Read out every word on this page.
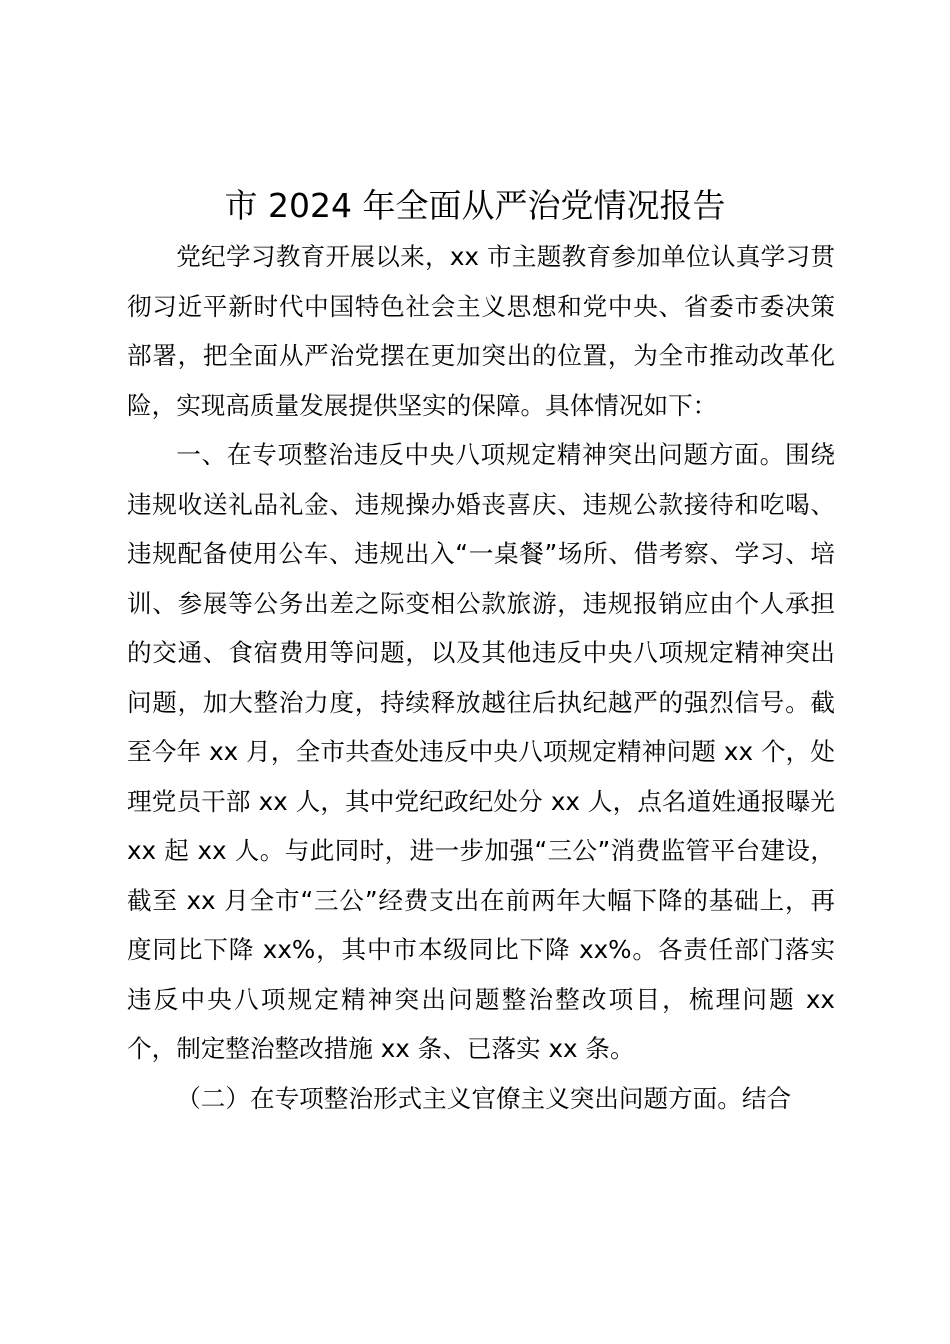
市 2024 年全面从严治党情况报告

党纪学习教育开展以来，xx 市主题教育参加单位认真学习贯彻习近平新时代中国特色社会主义思想和党中央、省委市委决策部署，把全面从严治党摆在更加突出的位置，为全市推动改革化险，实现高质量发展提供坚实的保障。具体情况如下：

一、在专项整治违反中央八项规定精神突出问题方面。围绕违规收送礼品礼金、违规操办婚丧喜庆、违规公款接待和吃喝、违规配备使用公车、违规出入“一桌餐”场所、借考察、学习、培训、参展等公务出差之际变相公款旅游，违规报销应由个人承担的交通、食宿费用等问题，以及其他违反中央八项规定精神突出问题，加大整治力度，持续释放越往后执纪越严的强烈信号。截至今年 xx 月，全市共查处违反中央八项规定精神问题 xx 个，处理党员干部 xx 人，其中党纪政纪处分 xx 人，点名道姓通报曝光 xx 起 xx 人。与此同时，进一步加强“三公”消费监管平台建设，截至 xx 月全市“三公”经费支出在前两年大幅下降的基础上，再度同比下降 xx%，其中市本级同比下降 xx%。各责任部门落实违反中央八项规定精神突出问题整治整改项目，梳理问题 xx 个，制定整治整改措施 xx 条、已落实 xx 条。

（二）在专项整治形式主义官僚主义突出问题方面。结合
